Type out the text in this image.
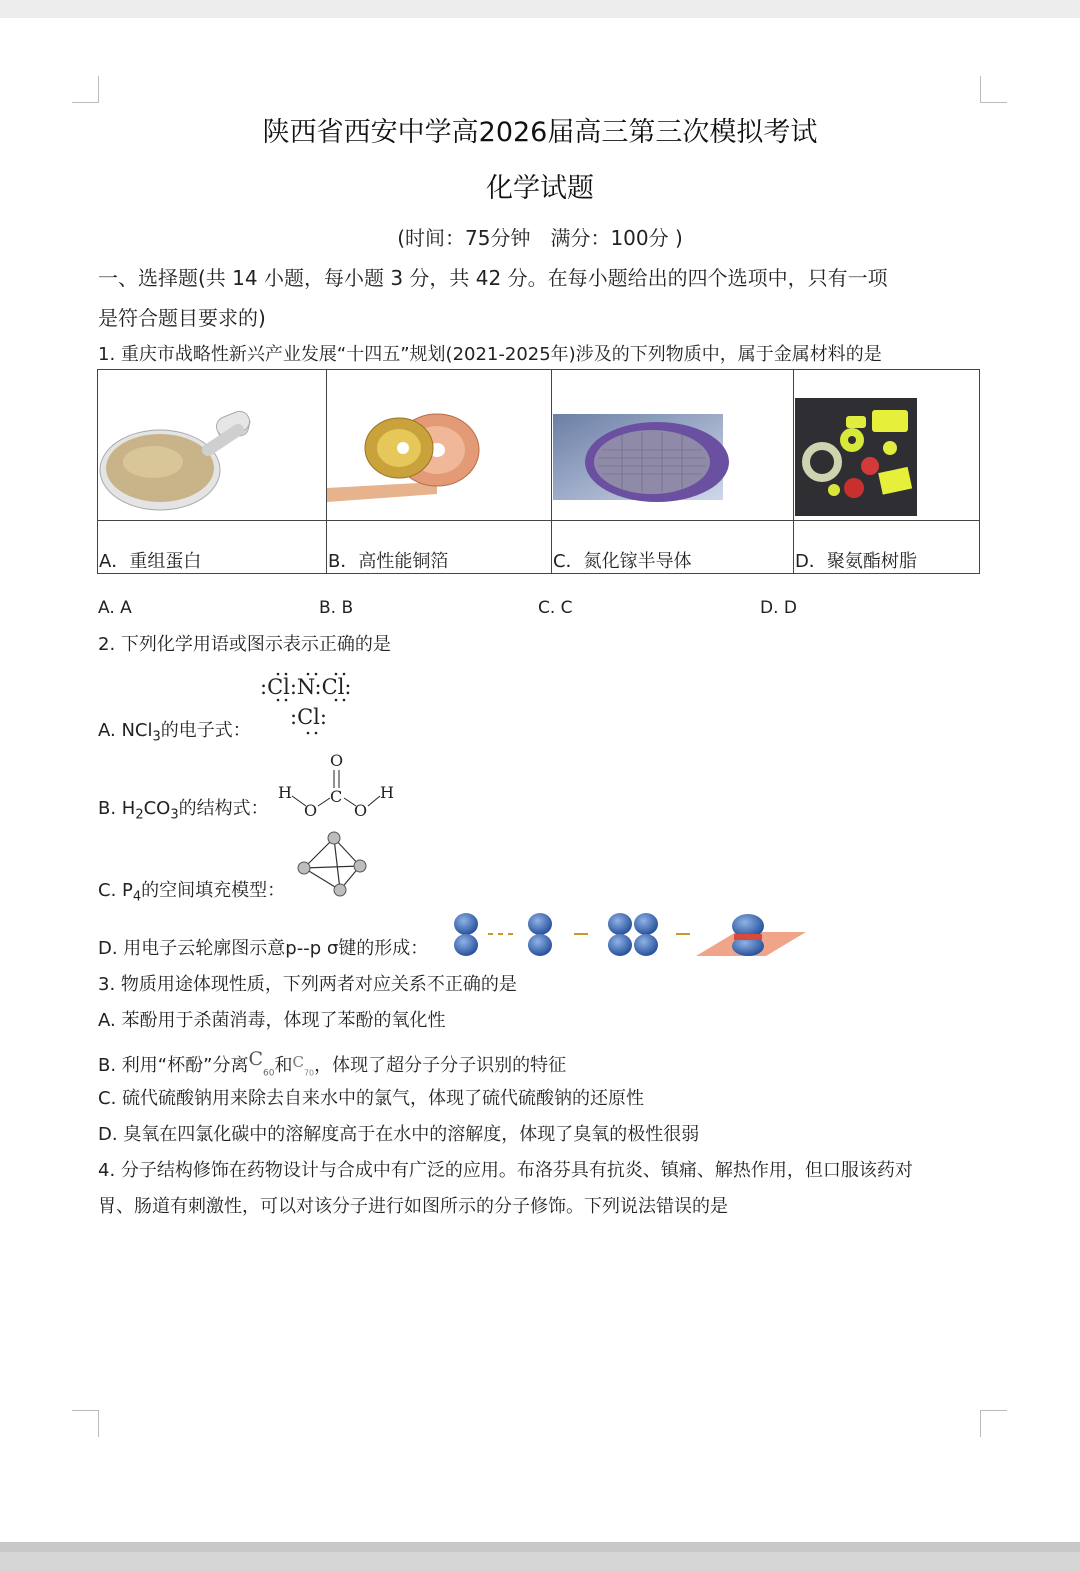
陕西省西安中学高2026届高三第三次模拟考试
化学试题
(时间：75分钟　满分：100分 )
一、选择题(共 14 小题，每小题 3 分，共 42 分。在每小题给出的四个选项中，只有一项
是符合题目要求的)
1. 重庆市战略性新兴产业发展“十四五”规划(2021-2025年)涉及的下列物质中，属于金属材料的是

A．重组蛋白	B．高性能铜箔	C．氮化镓半导体	D．聚氨酯树脂
A. A	B. B	C. C	D. D
2. 下列化学用语或图示表示正确的是
A. NCl$_3$的电子式：
:Cl:N:Cl:
:Cl:
B. $H_2CO_3$的结构式：
O
C
H
O O
H
C. $P_4$的空间填充模型：
D. 用电子云轮廓图示意p--p σ键的形成：
3. 物质用途体现性质，下列两者对应关系不正确的是
A. 苯酚用于杀菌消毒，体现了苯酚的氧化性
B. 利用“杯酚”分离$C_{60}$和$^C_{70}$，体现了超分子分子识别的特征
C. 硫代硫酸钠用来除去自来水中的氯气，体现了硫代硫酸钠的还原性
D. 臭氧在四氯化碳中的溶解度高于在水中的溶解度，体现了臭氧的极性很弱
4. 分子结构修饰在药物设计与合成中有广泛的应用。布洛芬具有抗炎、镇痛、解热作用，但口服该药对
胃、肠道有刺激性，可以对该分子进行如图所示的分子修饰。下列说法错误的是
